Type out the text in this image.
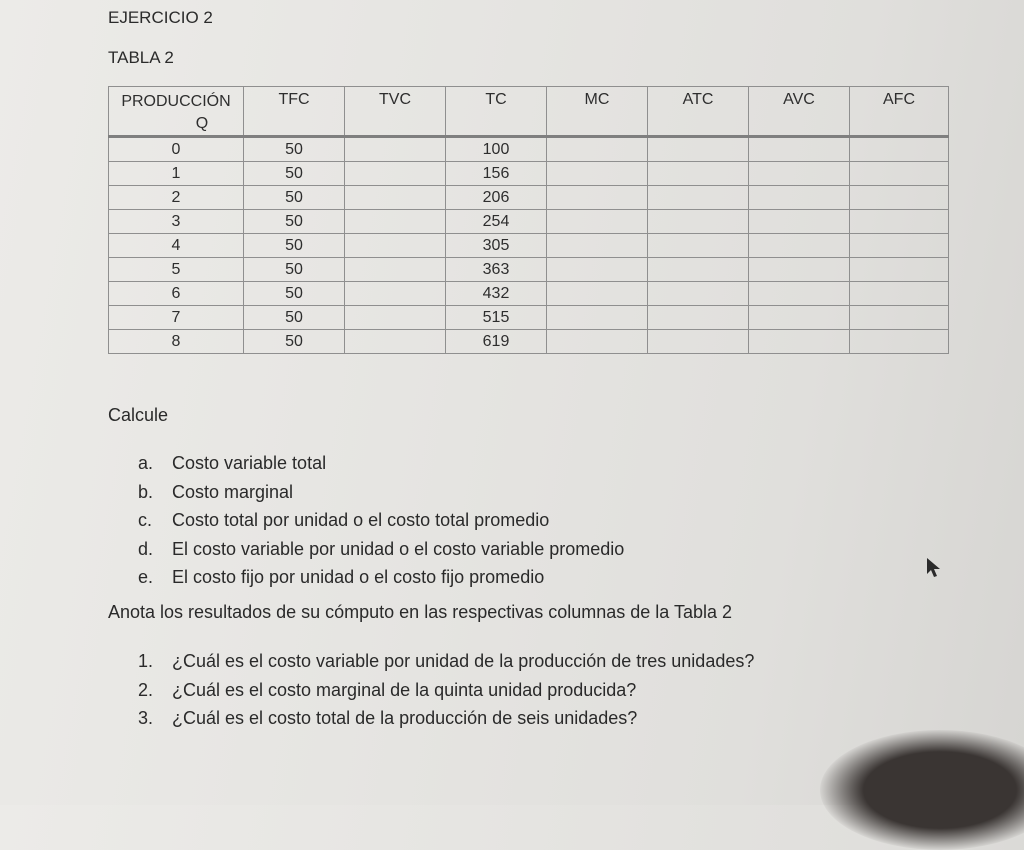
EJERCICIO 2
TABLA 2
PRODUCCIÓN
Q	TFC	TVC	TC	MC	ATC	AVC	AFC
0	50		100				
1	50		156				
2	50		206				
3	50		254				
4	50		305				
5	50		363				
6	50		432				
7	50		515				
8	50		619				
Calcule
a. Costo variable total
b. Costo marginal
c. Costo total por unidad o el costo total promedio
d. El costo variable por unidad o el costo variable promedio
e. El costo fijo por unidad o el costo fijo promedio
Anota los resultados de su cómputo en las respectivas columnas de la Tabla 2
1. ¿Cuál es el costo variable por unidad de la producción de tres unidades?
2. ¿Cuál es el costo marginal de la quinta unidad producida?
3. ¿Cuál es el costo total de la producción de seis unidades?
